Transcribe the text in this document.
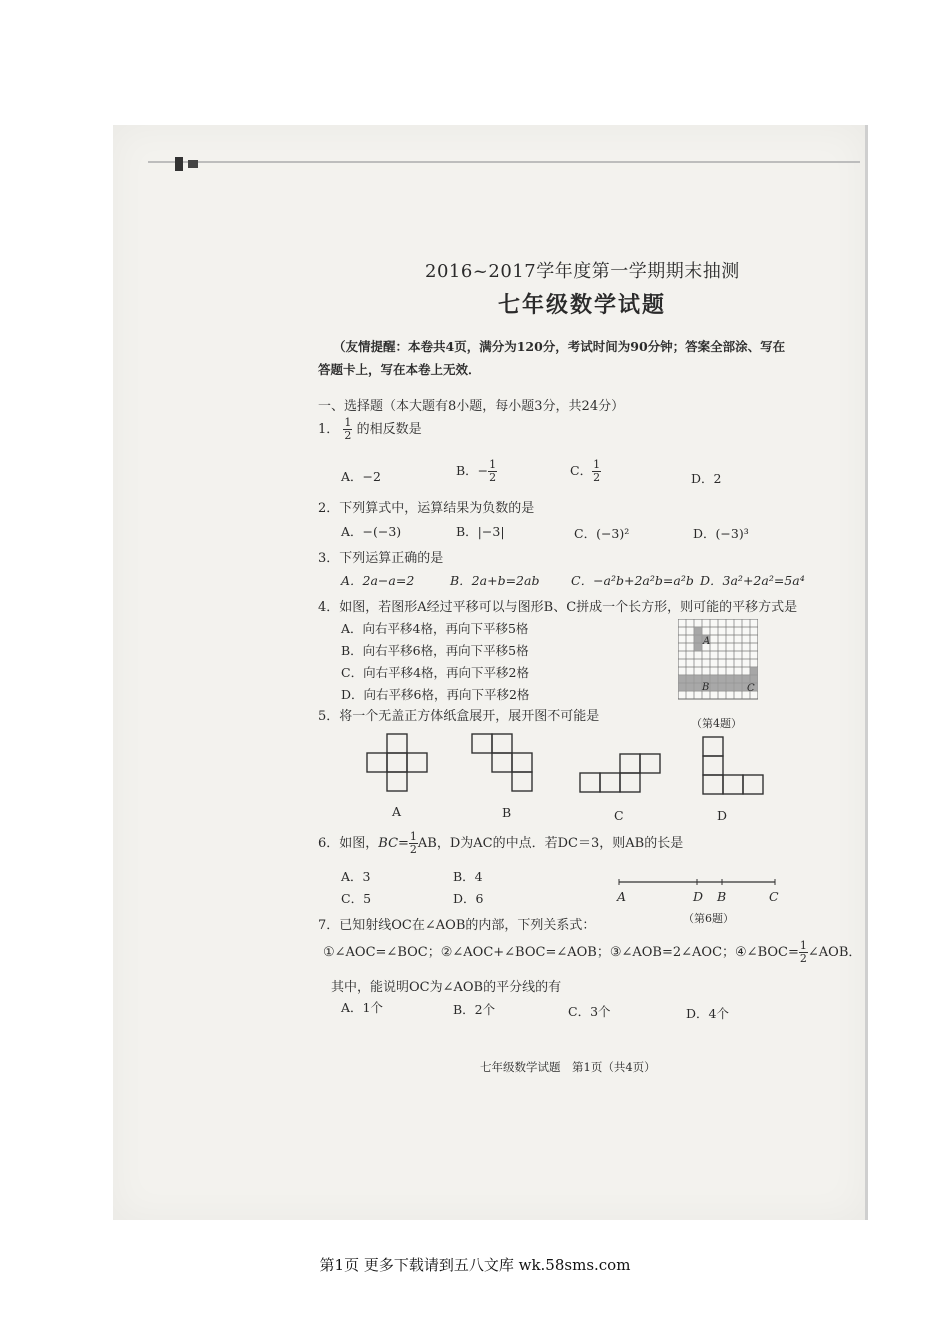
2016~2017学年度第一学期期末抽测
七年级数学试题
（友情提醒：本卷共4页，满分为120分，考试时间为90分钟；答案全部涂、写在
答题卡上，写在本卷上无效．
一、选择题（本大题有8小题，每小题3分，共24分）
1． $\frac{1}{2}$ 的相反数是
A．−2	B．− $\frac{1}{2}$	C． $\frac{1}{2}$	D．2
2．下列算式中，运算结果为负数的是
A．−(−3)	B．|−3|	C．(−3)²	D．(−3)³
3．下列运算正确的是
A．2a−a=2	B．2a+b=2ab	C．−a²b+2a²b=a²b D．3a²+2a²=5a⁴
4．如图，若图形A经过平移可以与图形B、C拼成一个长方形，则可能的平移方式是
A．向右平移4格，再向下平移5格
B．向右平移6格，再向下平移5格
C．向右平移4格，再向下平移2格
D．向右平移6格，再向下平移2格
A
B	C
（第4题）
5．将一个无盖正方体纸盒展开，展开图不可能是
A	B	C	D
6．如图，$BC= \frac{1}{2}$ AB，D为AC的中点．若DC＝3，则AB的长是
A．3	B．4
C．5	D．6	A	D B	C
（第6题）
7．已知射线OC在∠AOB的内部，下列关系式：
①∠AOC=∠BOC；②∠AOC+∠BOC=∠AOB；③∠AOB=2∠AOC；④∠BOC= $\frac{1}{2}$ ∠AOB．
其中，能说明OC为∠AOB的平分线的有
A．1个	B．2个	C．3个	D．4个
七年级数学试题　第1页（共4页）
第1页 更多下载请到五八文库 wk.58sms.com
